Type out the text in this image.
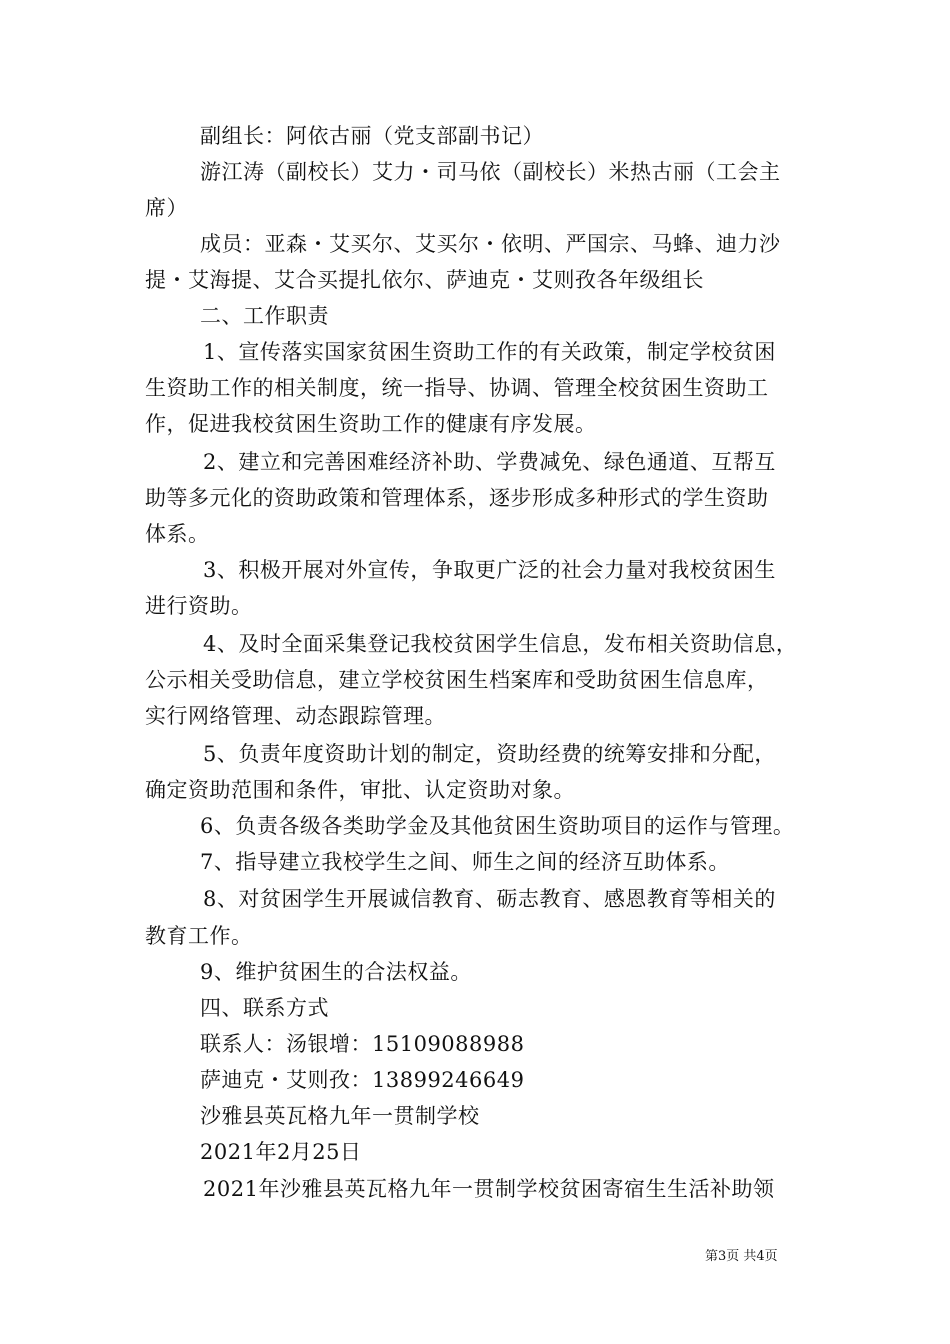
副组长：阿依古丽（党支部副书记）
游江涛（副校长）艾力・司马依（副校长）米热古丽（工会主
席）
成员：亚森・艾买尔、艾买尔・依明、严国宗、马蜂、迪力沙
提・艾海提、艾合买提扎依尔、萨迪克・艾则孜各年级组长
二、工作职责
1、宣传落实国家贫困生资助工作的有关政策，制定学校贫困
生资助工作的相关制度，统一指导、协调、管理全校贫困生资助工
作，促进我校贫困生资助工作的健康有序发展。
2、建立和完善困难经济补助、学费减免、绿色通道、互帮互
助等多元化的资助政策和管理体系，逐步形成多种形式的学生资助
体系。
3、积极开展对外宣传，争取更广泛的社会力量对我校贫困生
进行资助。
4、及时全面采集登记我校贫困学生信息，发布相关资助信息，
公示相关受助信息，建立学校贫困生档案库和受助贫困生信息库，
实行网络管理、动态跟踪管理。
5、负责年度资助计划的制定，资助经费的统筹安排和分配，
确定资助范围和条件，审批、认定资助对象。
6、负责各级各类助学金及其他贫困生资助项目的运作与管理。
7、指导建立我校学生之间、师生之间的经济互助体系。
8、对贫困学生开展诚信教育、砺志教育、感恩教育等相关的
教育工作。
9、维护贫困生的合法权益。
四、联系方式
联系人：汤银增：15109088988
萨迪克・艾则孜：13899246649
沙雅县英瓦格九年一贯制学校
2021年2月25日
2021年沙雅县英瓦格九年一贯制学校贫困寄宿生生活补助领
第3页 共4页
